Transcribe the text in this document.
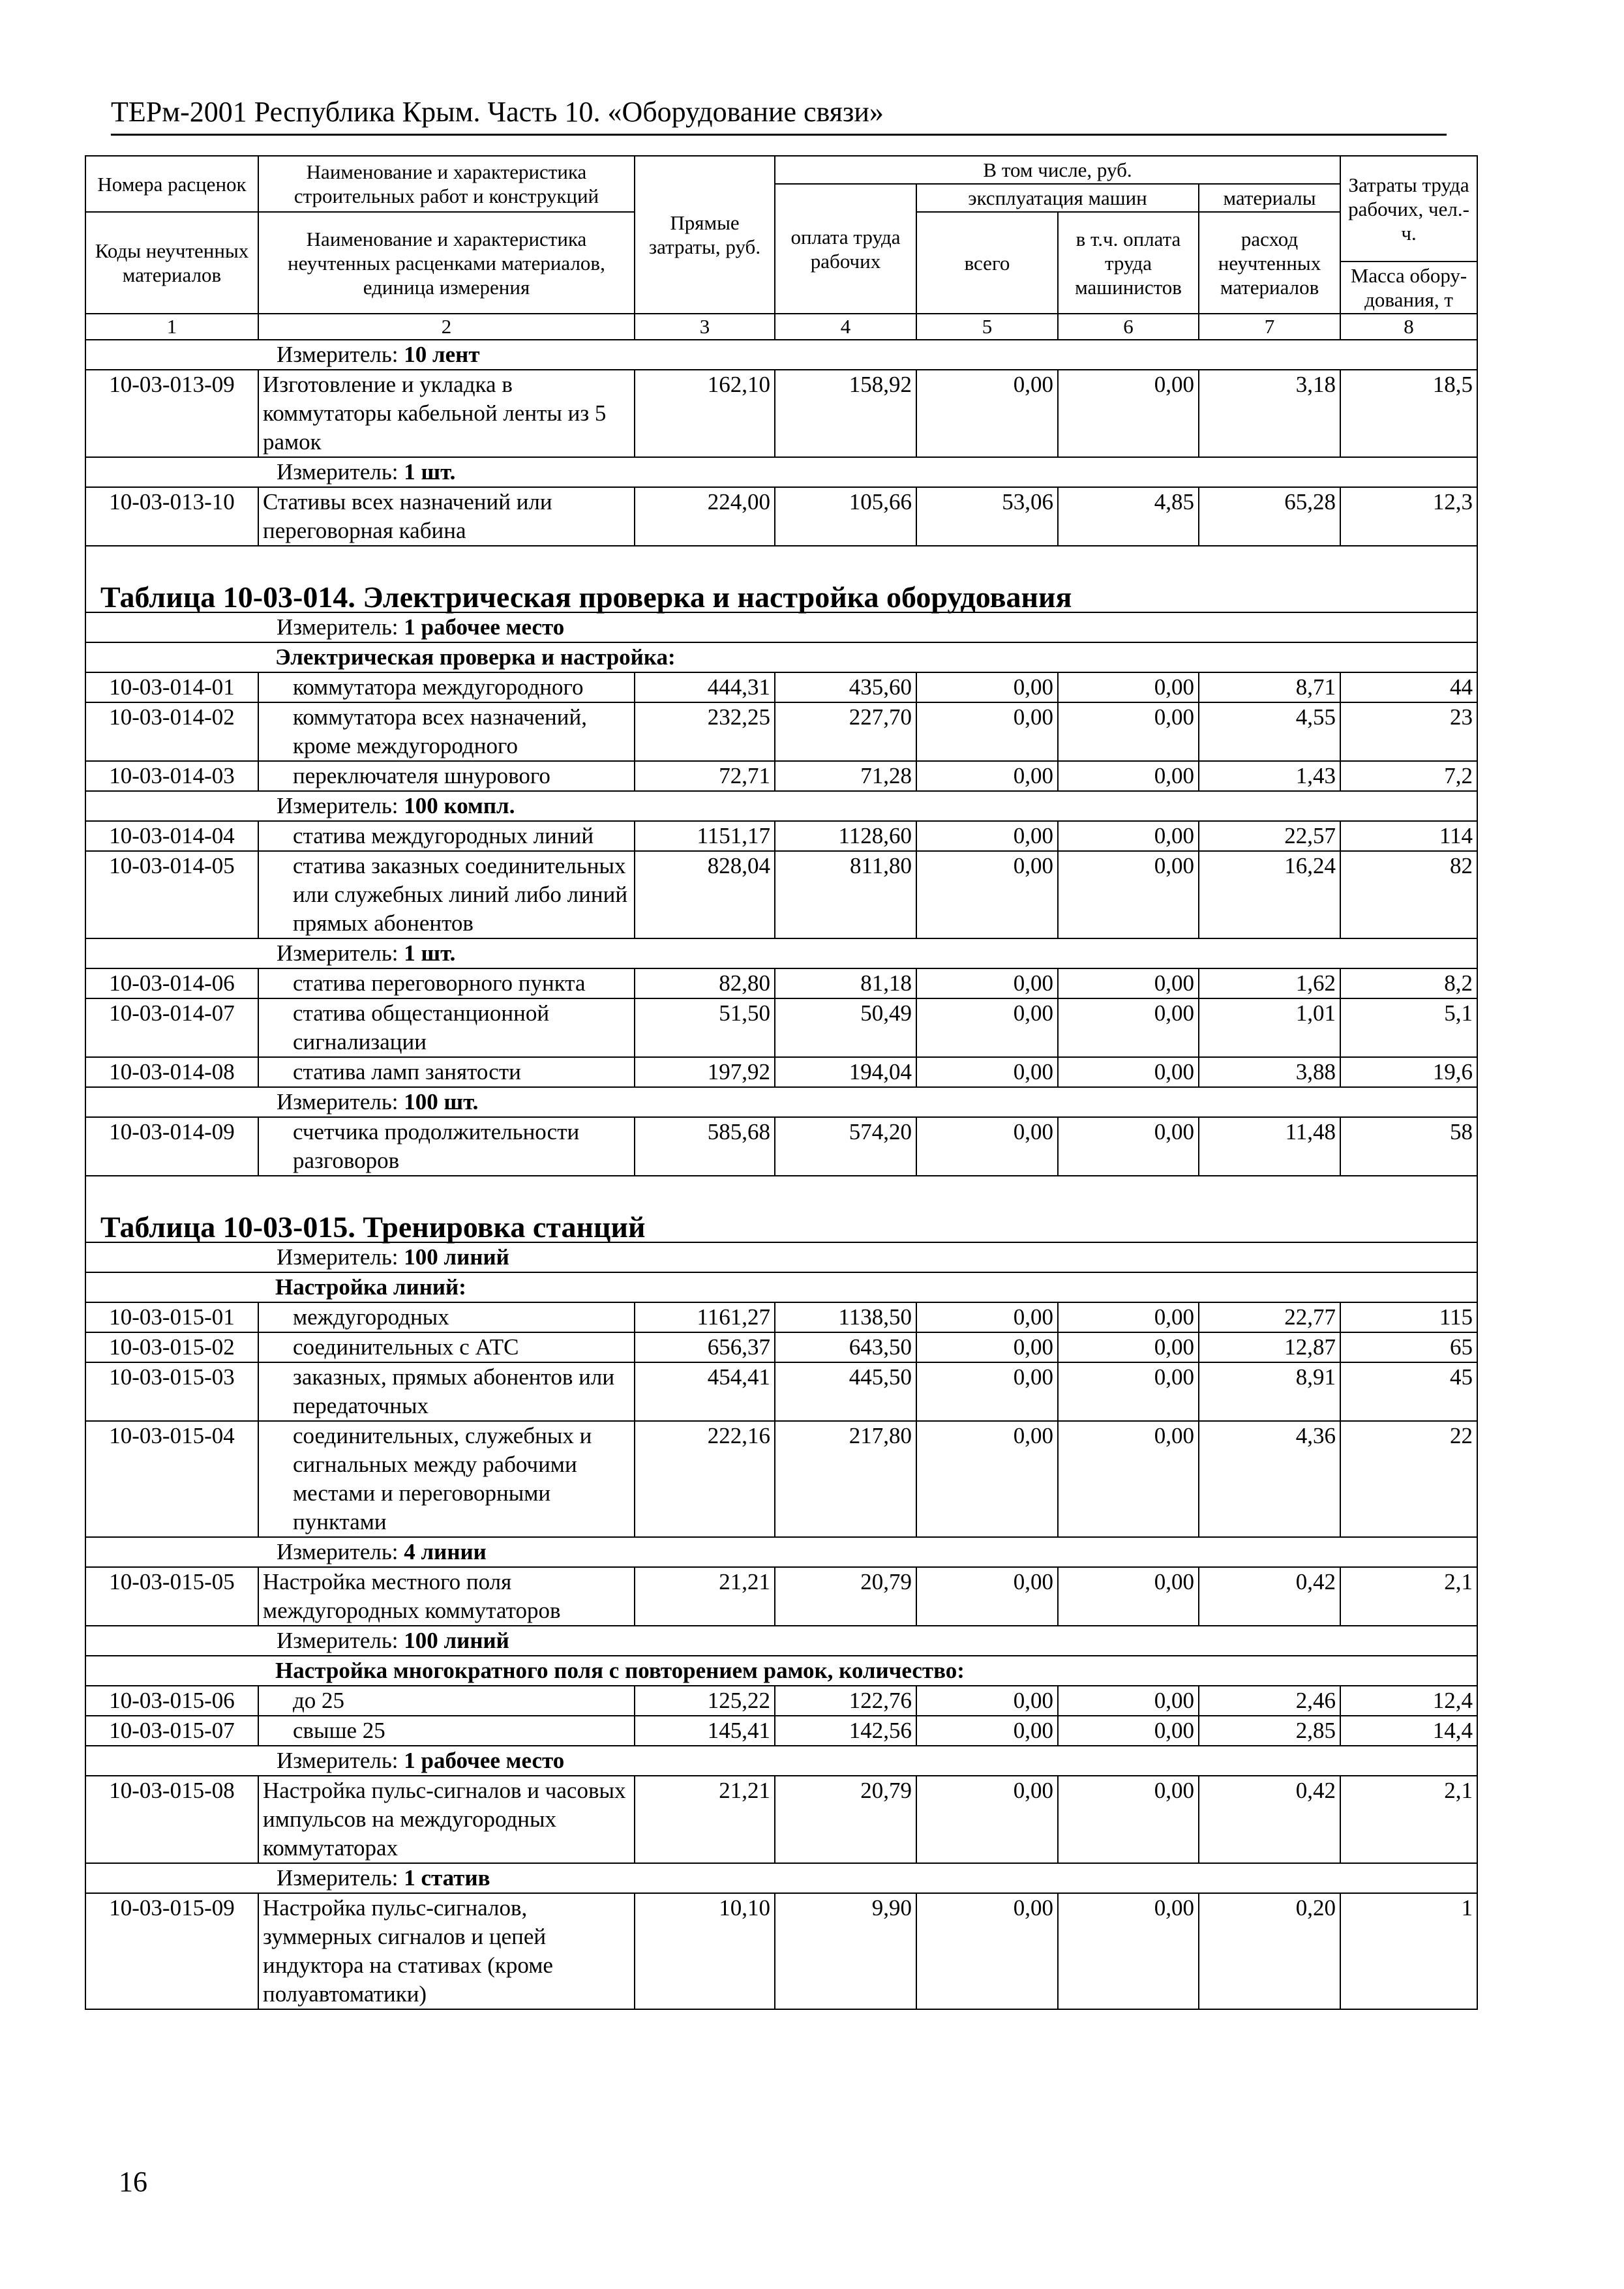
ТЕРм-2001 Республика Крым. Часть 10. «Оборудование связи»
Номера расценок	Наименование и характеристика строительных работ и конструкций	Прямые затраты, руб.	В том числе, руб.				Затраты труда рабочих, чел.-ч.
			оплата труда рабочих	эксплуатация машин		материалы	
Коды неучтенных материалов	Наименование и характеристика неучтенных расценками материалов, единица измерения			всего	в т.ч. оплата труда машинистов	расход неучтенных материалов	
							Масса обору-дования, т
1	2	3	4	5	6	7	8
Измеритель: 10 лент							
10-03-013-09	Изготовление и укладка в коммутаторы кабельной ленты из 5 рамок	162,10	158,92	0,00	0,00	3,18	18,5
Измеритель: 1 шт.							
10-03-013-10	Стативы всех назначений или переговорная кабина	224,00	105,66	53,06	4,85	65,28	12,3
Таблица 10-03-014. Электрическая проверка и настройка оборудования							
Измеритель: 1 рабочее место							
Электрическая проверка и настройка:							
10-03-014-01	коммутатора междугородного	444,31	435,60	0,00	0,00	8,71	44
10-03-014-02	коммутатора всех назначений, кроме междугородного	232,25	227,70	0,00	0,00	4,55	23
10-03-014-03	переключателя шнурового	72,71	71,28	0,00	0,00	1,43	7,2
Измеритель: 100 компл.							
10-03-014-04	статива междугородных линий	1151,17	1128,60	0,00	0,00	22,57	114
10-03-014-05	статива заказных соединительных или служебных линий либо линий прямых абонентов	828,04	811,80	0,00	0,00	16,24	82
Измеритель: 1 шт.							
10-03-014-06	статива переговорного пункта	82,80	81,18	0,00	0,00	1,62	8,2
10-03-014-07	статива общестанционной сигнализации	51,50	50,49	0,00	0,00	1,01	5,1
10-03-014-08	статива ламп занятости	197,92	194,04	0,00	0,00	3,88	19,6
Измеритель: 100 шт.							
10-03-014-09	счетчика продолжительности разговоров	585,68	574,20	0,00	0,00	11,48	58
Таблица 10-03-015. Тренировка станций							
Измеритель: 100 линий							
Настройка линий:							
10-03-015-01	междугородных	1161,27	1138,50	0,00	0,00	22,77	115
10-03-015-02	соединительных с АТС	656,37	643,50	0,00	0,00	12,87	65
10-03-015-03	заказных, прямых абонентов или передаточных	454,41	445,50	0,00	0,00	8,91	45
10-03-015-04	соединительных, служебных и сигнальных между рабочими местами и переговорными пунктами	222,16	217,80	0,00	0,00	4,36	22
Измеритель: 4 линии							
10-03-015-05	Настройка местного поля междугородных коммутаторов	21,21	20,79	0,00	0,00	0,42	2,1
Измеритель: 100 линий							
Настройка многократного поля с повторением рамок, количество:							
10-03-015-06	до 25	125,22	122,76	0,00	0,00	2,46	12,4
10-03-015-07	свыше 25	145,41	142,56	0,00	0,00	2,85	14,4
Измеритель: 1 рабочее место							
10-03-015-08	Настройка пульс-сигналов и часовых импульсов на междугородных коммутаторах	21,21	20,79	0,00	0,00	0,42	2,1
Измеритель: 1 статив							
10-03-015-09	Настройка пульс-сигналов, зуммерных сигналов и цепей индуктора на стативах (кроме полуавтоматики)	10,10	9,90	0,00	0,00	0,20	1
16
